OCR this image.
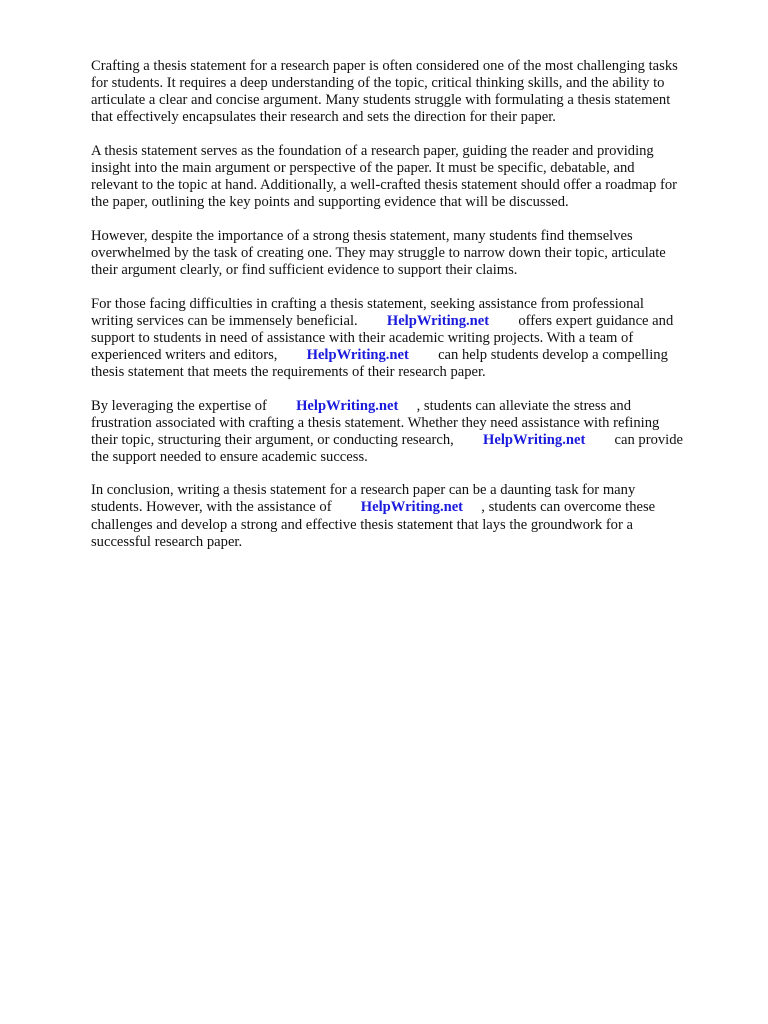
Crafting a thesis statement for a research paper is often considered one of the most challenging tasks
for students. It requires a deep understanding of the topic, critical thinking skills, and the ability to
articulate a clear and concise argument. Many students struggle with formulating a thesis statement
that effectively encapsulates their research and sets the direction for their paper.
A thesis statement serves as the foundation of a research paper, guiding the reader and providing
insight into the main argument or perspective of the paper. It must be specific, debatable, and
relevant to the topic at hand. Additionally, a well-crafted thesis statement should offer a roadmap for
the paper, outlining the key points and supporting evidence that will be discussed.
However, despite the importance of a strong thesis statement, many students find themselves
overwhelmed by the task of creating one. They may struggle to narrow down their topic, articulate
their argument clearly, or find sufficient evidence to support their claims.
For those facing difficulties in crafting a thesis statement, seeking assistance from professional
writing services can be immensely beneficial. HelpWriting.net offers expert guidance and
support to students in need of assistance with their academic writing projects. With a team of
experienced writers and editors, HelpWriting.net can help students develop a compelling
thesis statement that meets the requirements of their research paper.
By leveraging the expertise of HelpWriting.net , students can alleviate the stress and
frustration associated with crafting a thesis statement. Whether they need assistance with refining
their topic, structuring their argument, or conducting research, HelpWriting.net can provide
the support needed to ensure academic success.
In conclusion, writing a thesis statement for a research paper can be a daunting task for many
students. However, with the assistance of HelpWriting.net , students can overcome these
challenges and develop a strong and effective thesis statement that lays the groundwork for a
successful research paper.
